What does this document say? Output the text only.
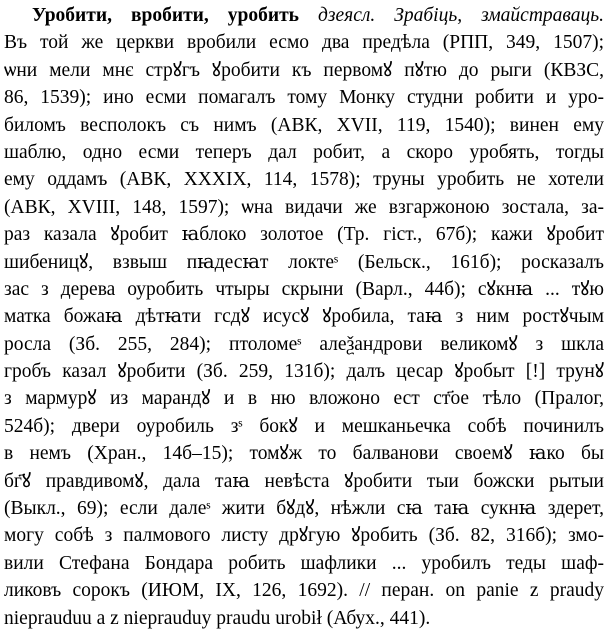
Уробити, вробити, уробить дзеясл. Зрабіць, змайстраваць.
Въ той же церкви вробили есмо два предѣла (РПП, 349, 1507);
ѡни мели мнє стрꙋгъ ꙋробити къ пеpвомꙋ пꙋтю до рыги (КВЗС,
86, 1539); ино есми помагалъ тому Монку студни робити и уро-
биломъ весполокъ съ нимъ (АВК, XVII, 119, 1540); винен ему
шаблю, одно есми теперъ дал робит, а скоро уробять, тогды
ему оддамъ (АВК, XXXIX, 114, 1578); труны уробить не хотели
(АВК, XVIII, 148, 1597); ѡна видачи же взгаржоною зостала, за-
раз казала ꙋробит ꙗблоко золотое (Тр. гіст., 67б); кажи ꙋробит
шибеницꙋ, взвыш пꙗдесꙗт локтеˢ (Бельск., 161б); росказалъ
зас з дерева оуробить чтыры скрыни (Варл., 44б); сꙋкнꙗ ... тꙋю
матка божаꙗ дѣтꙗти гсдꙋ исусꙋ ꙋробила, таꙗ з ним ростꙋчым
росла (Зб. 255, 284); птоломеˢ алеѯандрови великомꙋ з шкла
гробъ казал ꙋробити (Зб. 259, 131б); далъ цесар ꙋробыт [!] трунꙋ
з мармурꙋ из марандꙋ и в ню вложоно ест ст҃ое тѣло (Пралог,
524б); двери оуробиль зˢ бокꙋ и мешканьечка собѣ починилъ
в немъ (Хран., 14б–15); томꙋж то балванови своемꙋ ꙗко бы
бг҃ꙋ правдивомꙋ, дала таꙗ невѣста ꙋробити тыи божски рытыи
(Выкл., 69); если далеˢ жити бꙋдꙋ, нѣжли сꙗ таꙗ сукнꙗ здерет,
могу собѣ з палмового листу дрꙋгую ꙋробить (Зб. 82, 316б); змо-
вили Стефана Бондара робить шафлики ... уробилъ теды шаф-
ликовъ сорокъ (ИЮМ, IX, 126, 1692). // перан. on panie z praudy
nieprauduu a z nieprauduy praudu urobił (Абух., 441).
